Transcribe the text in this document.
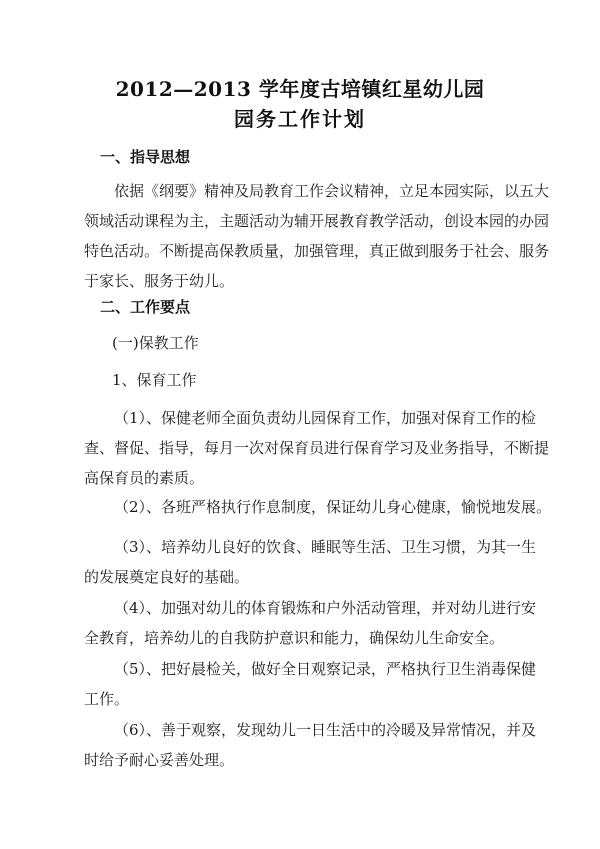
2012—2013 学年度古培镇红星幼儿园
园务工作计划
一、指导思想
依据《纲要》精神及局教育工作会议精神，立足本园实际，以五大
领域活动课程为主，主题活动为辅开展教育教学活动，创设本园的办园
特色活动。不断提高保教质量，加强管理，真正做到服务于社会、服务
于家长、服务于幼儿。
二、工作要点
(一)保教工作
1、保育工作
（1）、保健老师全面负责幼儿园保育工作，加强对保育工作的检
查、督促、指导，每月一次对保育员进行保育学习及业务指导，不断提
高保育员的素质。
（2）、各班严格执行作息制度，保证幼儿身心健康，愉悦地发展。
（3）、培养幼儿良好的饮食、睡眠等生活、卫生习惯，为其一生
的发展奠定良好的基础。
（4）、加强对幼儿的体育锻炼和户外活动管理，并对幼儿进行安
全教育，培养幼儿的自我防护意识和能力，确保幼儿生命安全。
（5）、把好晨检关，做好全日观察记录，严格执行卫生消毒保健
工作。
（6）、善于观察，发现幼儿一日生活中的冷暖及异常情况，并及
时给予耐心妥善处理。
